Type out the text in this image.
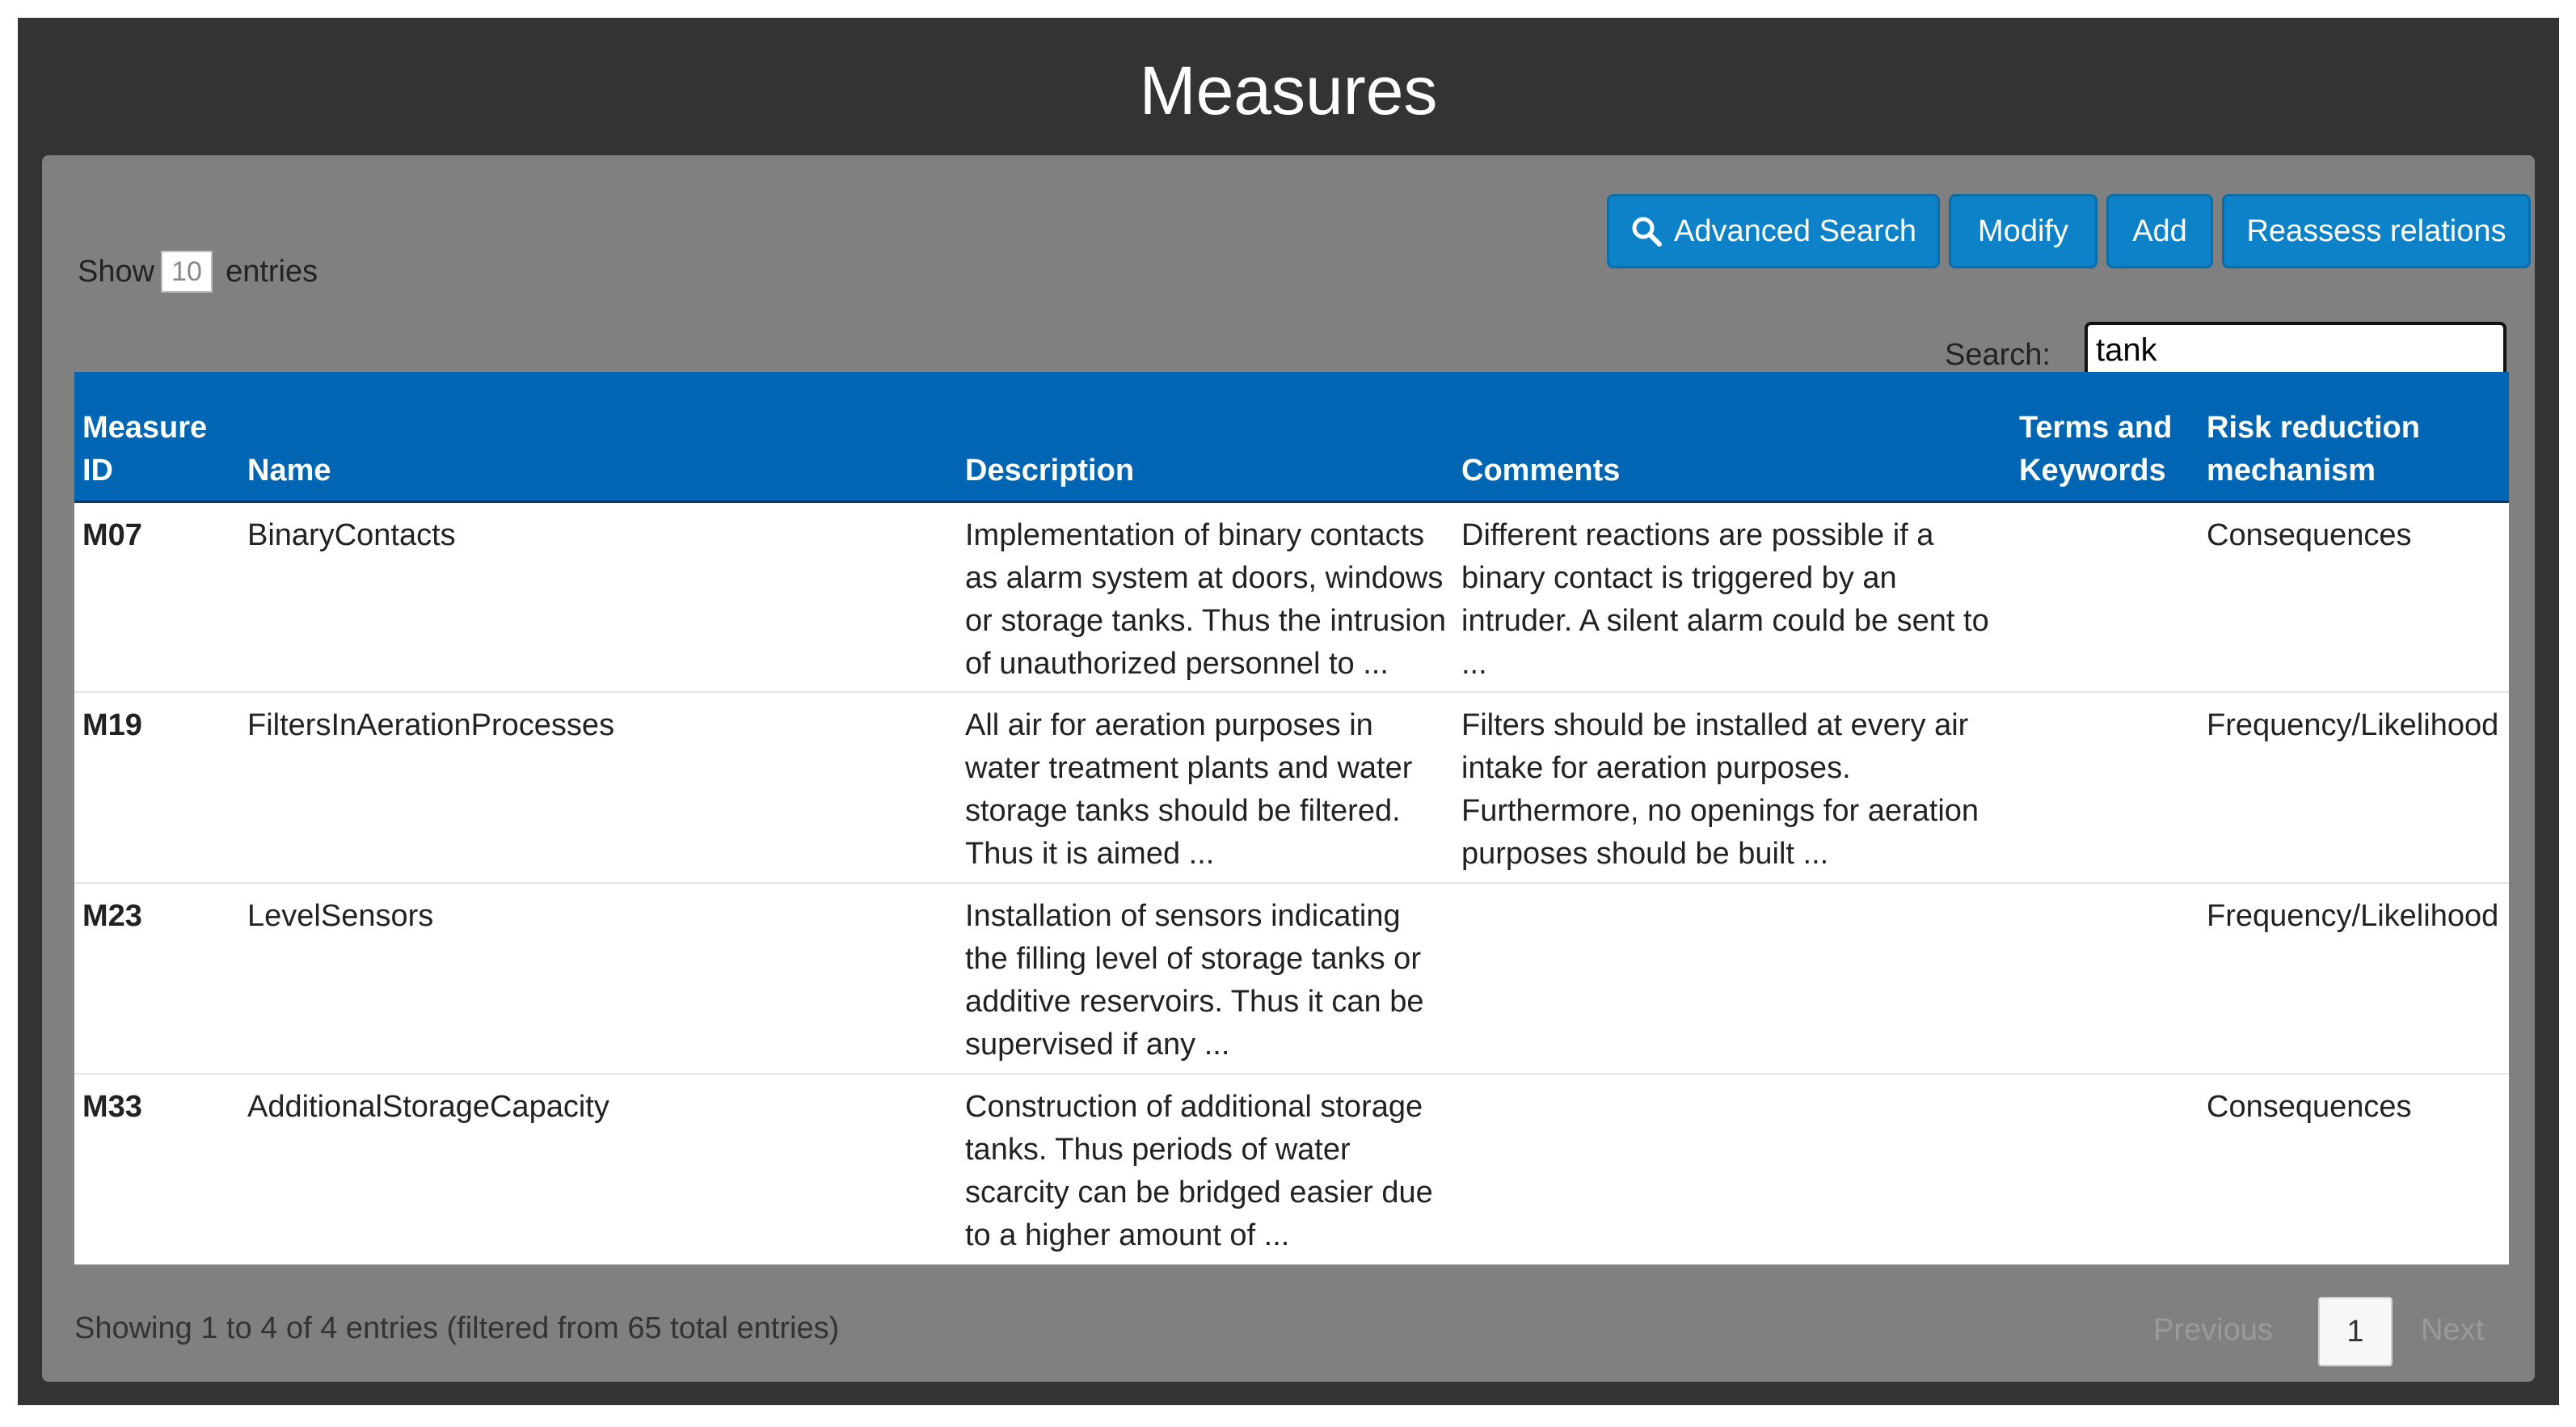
Measures
Advanced Search	Modify	Add	Reassess relations
Show 10 entries
Search:	tank
Measure ID	Name	Description	Comments	Terms and Keywords	Risk reduction mechanism
M07	BinaryContacts	Implementation of binary contacts as alarm system at doors, windows or storage tanks. Thus the intrusion of unauthorized personnel to ...	Different reactions are possible if a binary contact is triggered by an intruder. A silent alarm could be sent to ...		Consequences
M19	FiltersInAerationProcesses	All air for aeration purposes in water treatment plants and water storage tanks should be filtered. Thus it is aimed ...	Filters should be installed at every air intake for aeration purposes. Furthermore, no openings for aeration purposes should be built ...		Frequency/Likelihood
M23	LevelSensors	Installation of sensors indicating the filling level of storage tanks or additive reservoirs. Thus it can be supervised if any ...			Frequency/Likelihood
M33	AdditionalStorageCapacity	Construction of additional storage tanks. Thus periods of water scarcity can be bridged easier due to a higher amount of ...			Consequences
Showing 1 to 4 of 4 entries (filtered from 65 total entries)	Previous	1	Next
